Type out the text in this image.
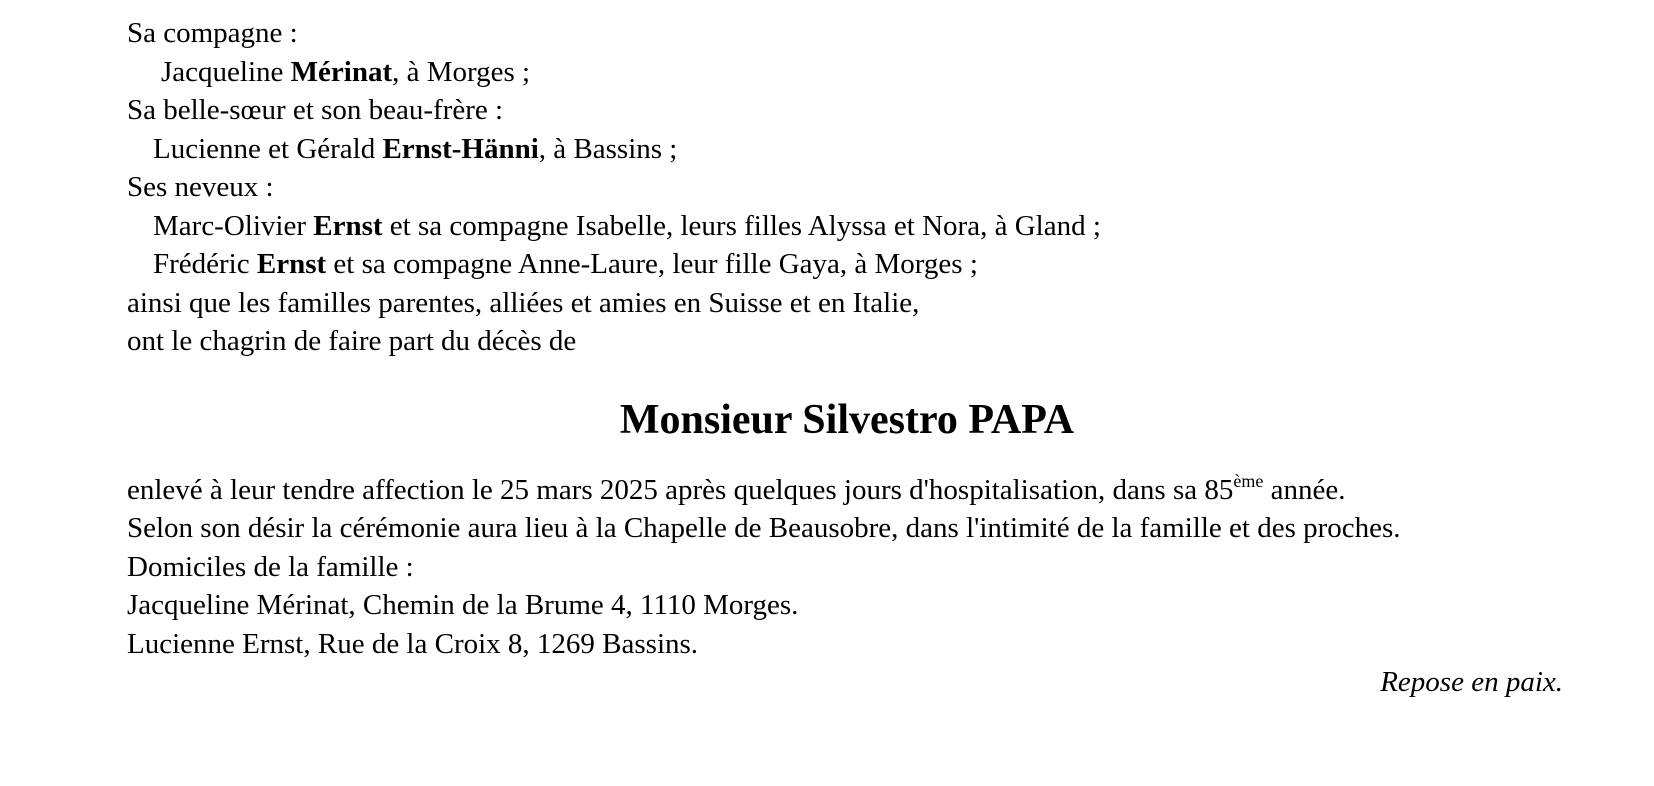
Sa compagne :
Jacqueline Mérinat, à Morges ;
Sa belle-sœur et son beau-frère :
Lucienne et Gérald Ernst-Hänni, à Bassins ;
Ses neveux :
Marc-Olivier Ernst et sa compagne Isabelle, leurs filles Alyssa et Nora, à Gland ;
Frédéric Ernst et sa compagne Anne-Laure, leur fille Gaya, à Morges ;
ainsi que les familles parentes, alliées et amies en Suisse et en Italie,
ont le chagrin de faire part du décès de
Monsieur Silvestro PAPA
enlevé à leur tendre affection le 25 mars 2025 après quelques jours d'hospitalisation, dans sa 85ème année.
Selon son désir la cérémonie aura lieu à la Chapelle de Beausobre, dans l'intimité de la famille et des proches.
Domiciles de la famille :
Jacqueline Mérinat, Chemin de la Brume 4, 1110 Morges.
Lucienne Ernst, Rue de la Croix 8, 1269 Bassins.
Repose en paix.
